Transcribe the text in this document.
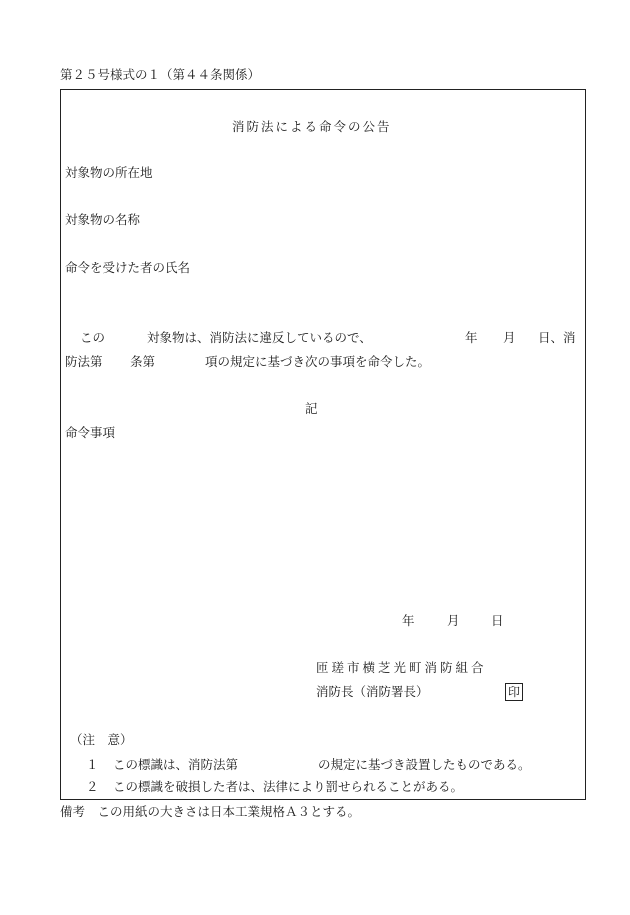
第２５号様式の１（第４４条関係）
消防法による命令の公告
対象物の所在地
対象物の名称
命令を受けた者の氏名
この	対象物は、消防法に違反しているので、	年 月 日、消
防法第 条第	項の規定に基づき次の事項を命令した。
記
命令事項
年	月	日
匝瑳市横芝光町消防組合
消防長（消防署長）	印
（注　意）
１ この標識は、消防法第	の規定に基づき設置したものである。
２ この標識を破損した者は、法律により罰せられることがある。
備考　この用紙の大きさは日本工業規格Ａ３とする。
